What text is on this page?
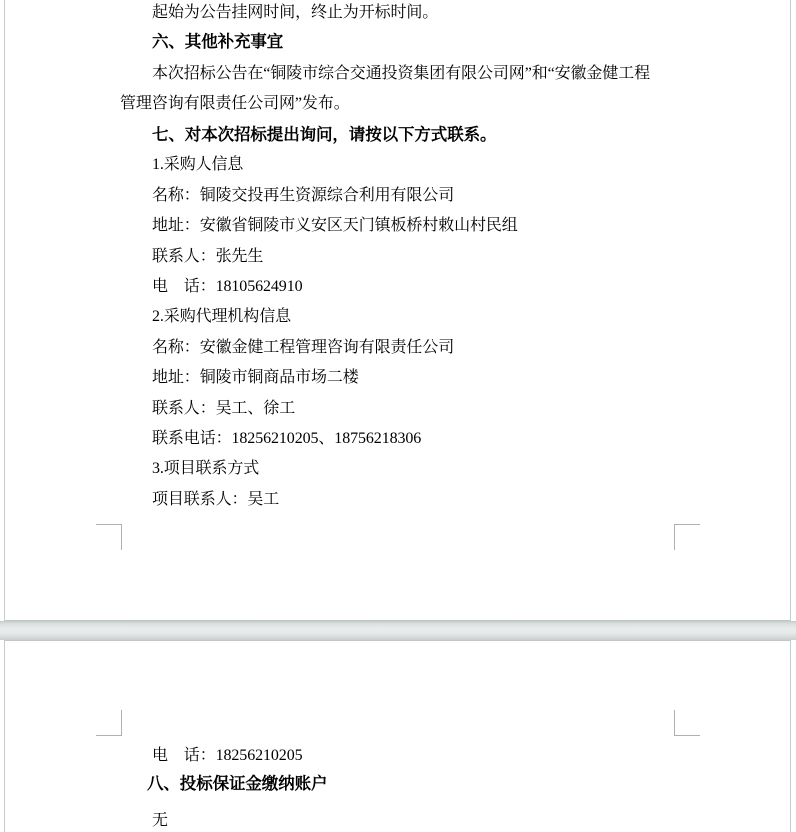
起始为公告挂网时间，终止为开标时间。
六、其他补充事宜
本次招标公告在“铜陵市综合交通投资集团有限公司网”和“安徽金健工程
管理咨询有限责任公司网”发布。
七、对本次招标提出询问，请按以下方式联系。
1.采购人信息
名称：铜陵交投再生资源综合利用有限公司
地址：安徽省铜陵市义安区天门镇板桥村敕山村民组
联系人：张先生
电　话：18105624910
2.采购代理机构信息
名称：安徽金健工程管理咨询有限责任公司
地址：铜陵市铜商品市场二楼
联系人：吴工、徐工
联系电话：18256210205、18756218306
3.项目联系方式
项目联系人：吴工
电　话：18256210205
八、投标保证金缴纳账户
无
